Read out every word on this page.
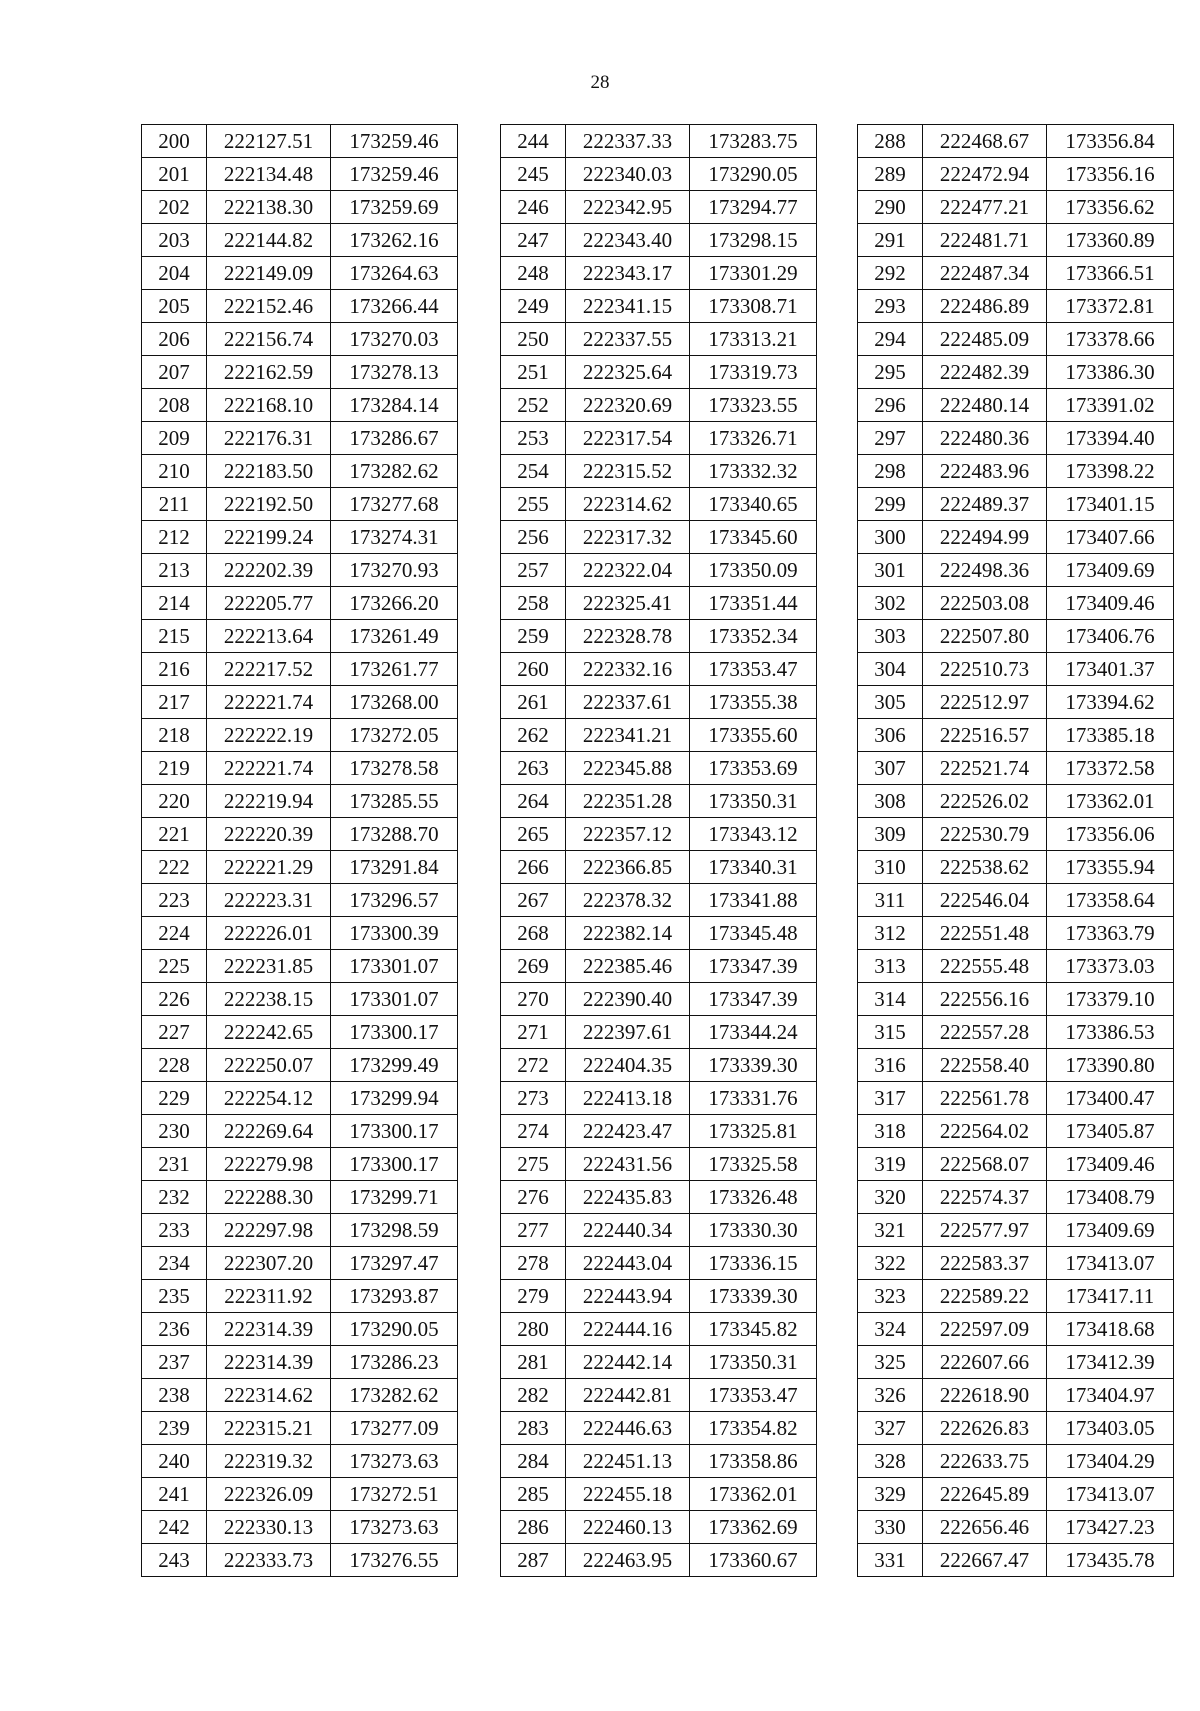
28
200	222127.51	173259.46
201	222134.48	173259.46
202	222138.30	173259.69
203	222144.82	173262.16
204	222149.09	173264.63
205	222152.46	173266.44
206	222156.74	173270.03
207	222162.59	173278.13
208	222168.10	173284.14
209	222176.31	173286.67
210	222183.50	173282.62
211	222192.50	173277.68
212	222199.24	173274.31
213	222202.39	173270.93
214	222205.77	173266.20
215	222213.64	173261.49
216	222217.52	173261.77
217	222221.74	173268.00
218	222222.19	173272.05
219	222221.74	173278.58
220	222219.94	173285.55
221	222220.39	173288.70
222	222221.29	173291.84
223	222223.31	173296.57
224	222226.01	173300.39
225	222231.85	173301.07
226	222238.15	173301.07
227	222242.65	173300.17
228	222250.07	173299.49
229	222254.12	173299.94
230	222269.64	173300.17
231	222279.98	173300.17
232	222288.30	173299.71
233	222297.98	173298.59
234	222307.20	173297.47
235	222311.92	173293.87
236	222314.39	173290.05
237	222314.39	173286.23
238	222314.62	173282.62
239	222315.21	173277.09
240	222319.32	173273.63
241	222326.09	173272.51
242	222330.13	173273.63
243	222333.73	173276.55
244	222337.33	173283.75
245	222340.03	173290.05
246	222342.95	173294.77
247	222343.40	173298.15
248	222343.17	173301.29
249	222341.15	173308.71
250	222337.55	173313.21
251	222325.64	173319.73
252	222320.69	173323.55
253	222317.54	173326.71
254	222315.52	173332.32
255	222314.62	173340.65
256	222317.32	173345.60
257	222322.04	173350.09
258	222325.41	173351.44
259	222328.78	173352.34
260	222332.16	173353.47
261	222337.61	173355.38
262	222341.21	173355.60
263	222345.88	173353.69
264	222351.28	173350.31
265	222357.12	173343.12
266	222366.85	173340.31
267	222378.32	173341.88
268	222382.14	173345.48
269	222385.46	173347.39
270	222390.40	173347.39
271	222397.61	173344.24
272	222404.35	173339.30
273	222413.18	173331.76
274	222423.47	173325.81
275	222431.56	173325.58
276	222435.83	173326.48
277	222440.34	173330.30
278	222443.04	173336.15
279	222443.94	173339.30
280	222444.16	173345.82
281	222442.14	173350.31
282	222442.81	173353.47
283	222446.63	173354.82
284	222451.13	173358.86
285	222455.18	173362.01
286	222460.13	173362.69
287	222463.95	173360.67
288	222468.67	173356.84
289	222472.94	173356.16
290	222477.21	173356.62
291	222481.71	173360.89
292	222487.34	173366.51
293	222486.89	173372.81
294	222485.09	173378.66
295	222482.39	173386.30
296	222480.14	173391.02
297	222480.36	173394.40
298	222483.96	173398.22
299	222489.37	173401.15
300	222494.99	173407.66
301	222498.36	173409.69
302	222503.08	173409.46
303	222507.80	173406.76
304	222510.73	173401.37
305	222512.97	173394.62
306	222516.57	173385.18
307	222521.74	173372.58
308	222526.02	173362.01
309	222530.79	173356.06
310	222538.62	173355.94
311	222546.04	173358.64
312	222551.48	173363.79
313	222555.48	173373.03
314	222556.16	173379.10
315	222557.28	173386.53
316	222558.40	173390.80
317	222561.78	173400.47
318	222564.02	173405.87
319	222568.07	173409.46
320	222574.37	173408.79
321	222577.97	173409.69
322	222583.37	173413.07
323	222589.22	173417.11
324	222597.09	173418.68
325	222607.66	173412.39
326	222618.90	173404.97
327	222626.83	173403.05
328	222633.75	173404.29
329	222645.89	173413.07
330	222656.46	173427.23
331	222667.47	173435.78
